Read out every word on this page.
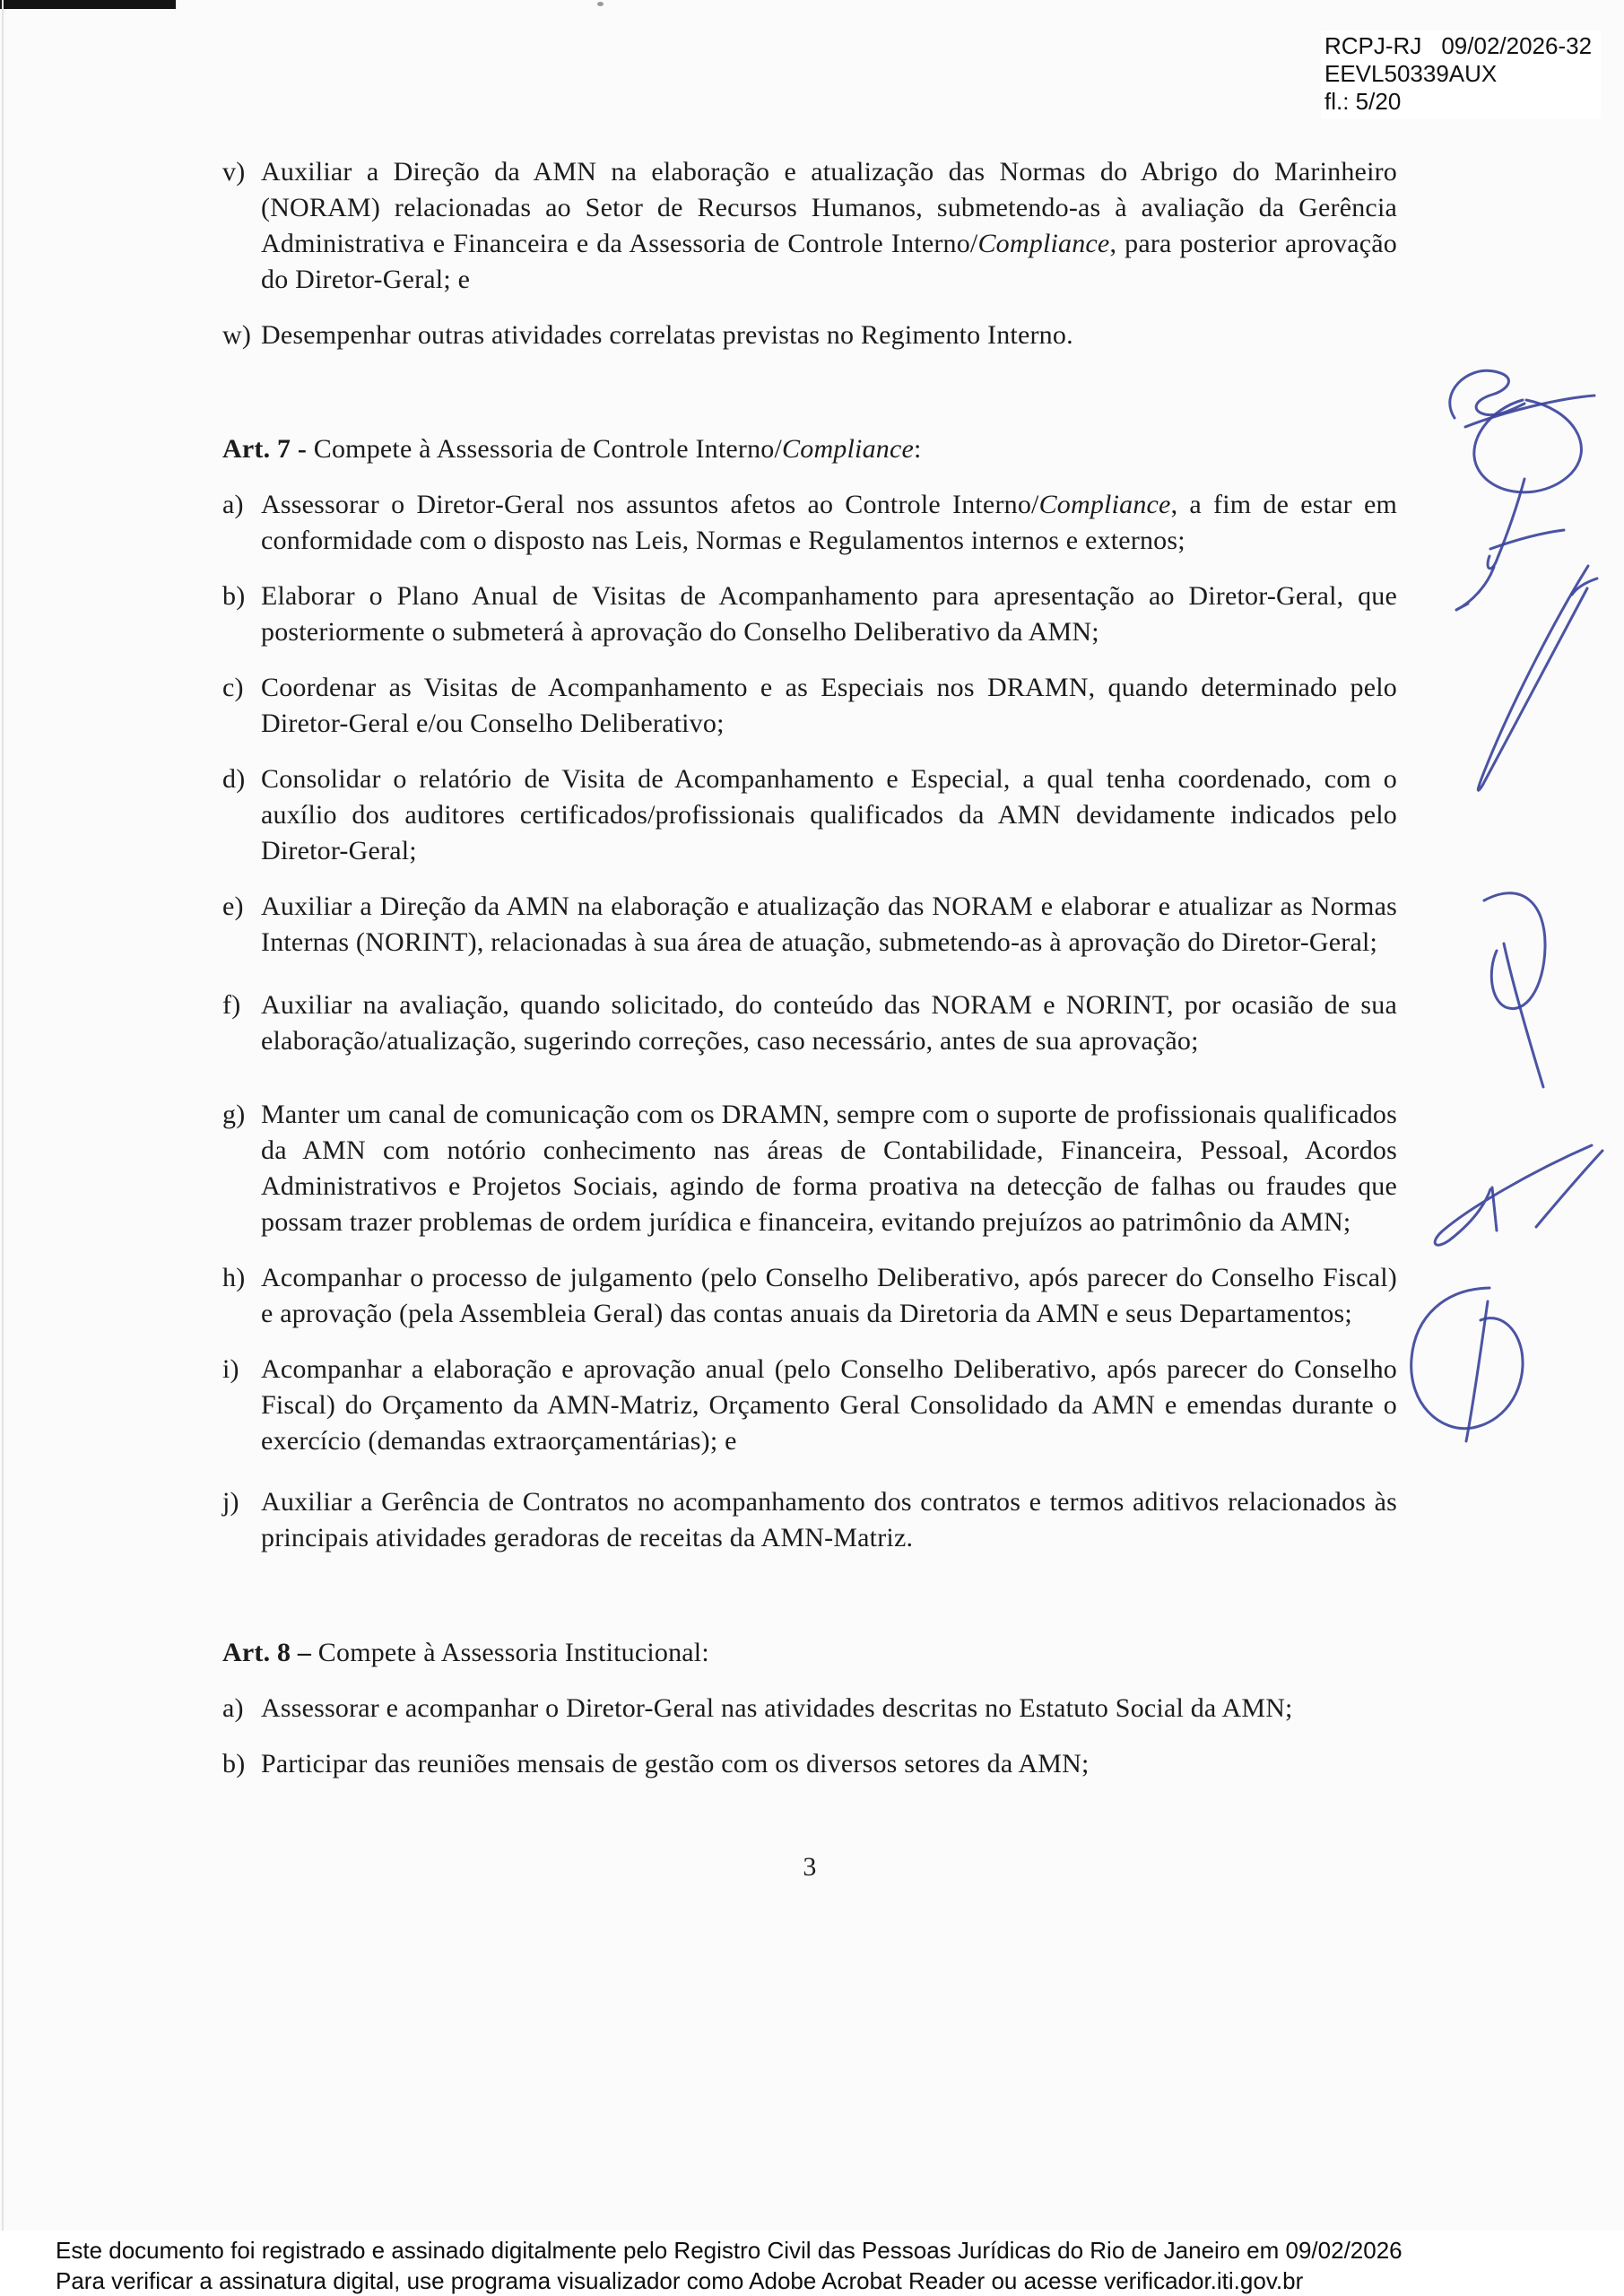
RCPJ-RJ 09/02/2026-32
EEVL50339AUX
fl.: 5/20
v) Auxiliar a Direção da AMN na elaboração e atualização das Normas do Abrigo do Marinheiro (NORAM) relacionadas ao Setor de Recursos Humanos, submetendo-as à avaliação da Gerência Administrativa e Financeira e da Assessoria de Controle Interno/Compliance, para posterior aprovação do Diretor-Geral; e
w) Desempenhar outras atividades correlatas previstas no Regimento Interno.

Art. 7 - Compete à Assessoria de Controle Interno/Compliance:

a) Assessorar o Diretor-Geral nos assuntos afetos ao Controle Interno/Compliance, a fim de estar em conformidade com o disposto nas Leis, Normas e Regulamentos internos e externos;
b) Elaborar o Plano Anual de Visitas de Acompanhamento para apresentação ao Diretor-Geral, que posteriormente o submeterá à aprovação do Conselho Deliberativo da AMN;
c) Coordenar as Visitas de Acompanhamento e as Especiais nos DRAMN, quando determinado pelo Diretor-Geral e/ou Conselho Deliberativo;
d) Consolidar o relatório de Visita de Acompanhamento e Especial, a qual tenha coordenado, com o auxílio dos auditores certificados/profissionais qualificados da AMN devidamente indicados pelo Diretor-Geral;
e) Auxiliar a Direção da AMN na elaboração e atualização das NORAM e elaborar e atualizar as Normas Internas (NORINT), relacionadas à sua área de atuação, submetendo-as à aprovação do Diretor-Geral;
f) Auxiliar na avaliação, quando solicitado, do conteúdo das NORAM e NORINT, por ocasião de sua elaboração/atualização, sugerindo correções, caso necessário, antes de sua aprovação;
g) Manter um canal de comunicação com os DRAMN, sempre com o suporte de profissionais qualificados da AMN com notório conhecimento nas áreas de Contabilidade, Financeira, Pessoal, Acordos Administrativos e Projetos Sociais, agindo de forma proativa na detecção de falhas ou fraudes que possam trazer problemas de ordem jurídica e financeira, evitando prejuízos ao patrimônio da AMN;
h) Acompanhar o processo de julgamento (pelo Conselho Deliberativo, após parecer do Conselho Fiscal) e aprovação (pela Assembleia Geral) das contas anuais da Diretoria da AMN e seus Departamentos;
i) Acompanhar a elaboração e aprovação anual (pelo Conselho Deliberativo, após parecer do Conselho Fiscal) do Orçamento da AMN-Matriz, Orçamento Geral Consolidado da AMN e emendas durante o exercício (demandas extraorçamentárias); e
j) Auxiliar a Gerência de Contratos no acompanhamento dos contratos e termos aditivos relacionados às principais atividades geradoras de receitas da AMN-Matriz.

Art. 8 – Compete à Assessoria Institucional:

a) Assessorar e acompanhar o Diretor-Geral nas atividades descritas no Estatuto Social da AMN;
b) Participar das reuniões mensais de gestão com os diversos setores da AMN;
3
Este documento foi registrado e assinado digitalmente pelo Registro Civil das Pessoas Jurídicas do Rio de Janeiro em 09/02/2026
Para verificar a assinatura digital, use programa visualizador como Adobe Acrobat Reader ou acesse verificador.iti.gov.br
